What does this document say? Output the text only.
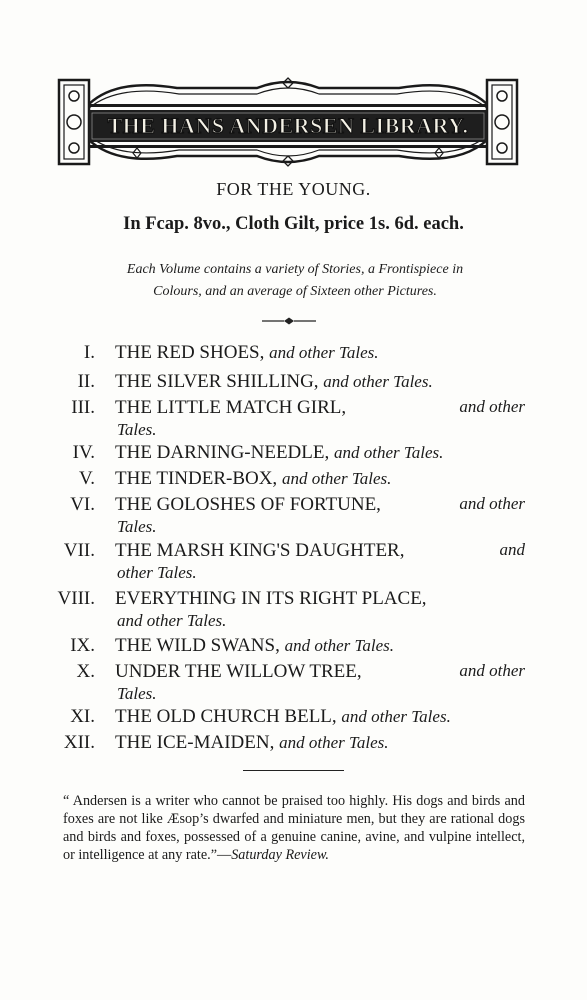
THE HANS ANDERSEN LIBRARY.
FOR THE YOUNG.
In Fcap. 8vo., Cloth Gilt, price 1s. 6d. each.
Each Volume contains a variety of Stories, a Frontispiece in
Colours, and an average of Sixteen other Pictures.
I. THE RED SHOES, and other Tales.
II. THE SILVER SHILLING, and other Tales.
III. THE LITTLE MATCH GIRL,	and other
Tales.
IV. THE DARNING-NEEDLE, and other Tales.
V. THE TINDER-BOX, and other Tales.
VI. THE GOLOSHES OF FORTUNE,	and other
Tales.
VII. THE MARSH KING'S DAUGHTER,	and
other Tales.
VIII. EVERYTHING IN ITS RIGHT PLACE,
and other Tales.
IX. THE WILD SWANS, and other Tales.
X. UNDER THE WILLOW TREE,	and other
Tales.
XI. THE OLD CHURCH BELL, and other Tales.
XII. THE ICE-MAIDEN, and other Tales.
“ Andersen is a writer who cannot be praised too highly. His dogs and birds and foxes are not like Æsop’s dwarfed and miniature men, but they are rational dogs and birds and foxes, possessed of a genuine canine, avine, and vulpine intellect, or intelligence at any rate.”—Saturday Review.
